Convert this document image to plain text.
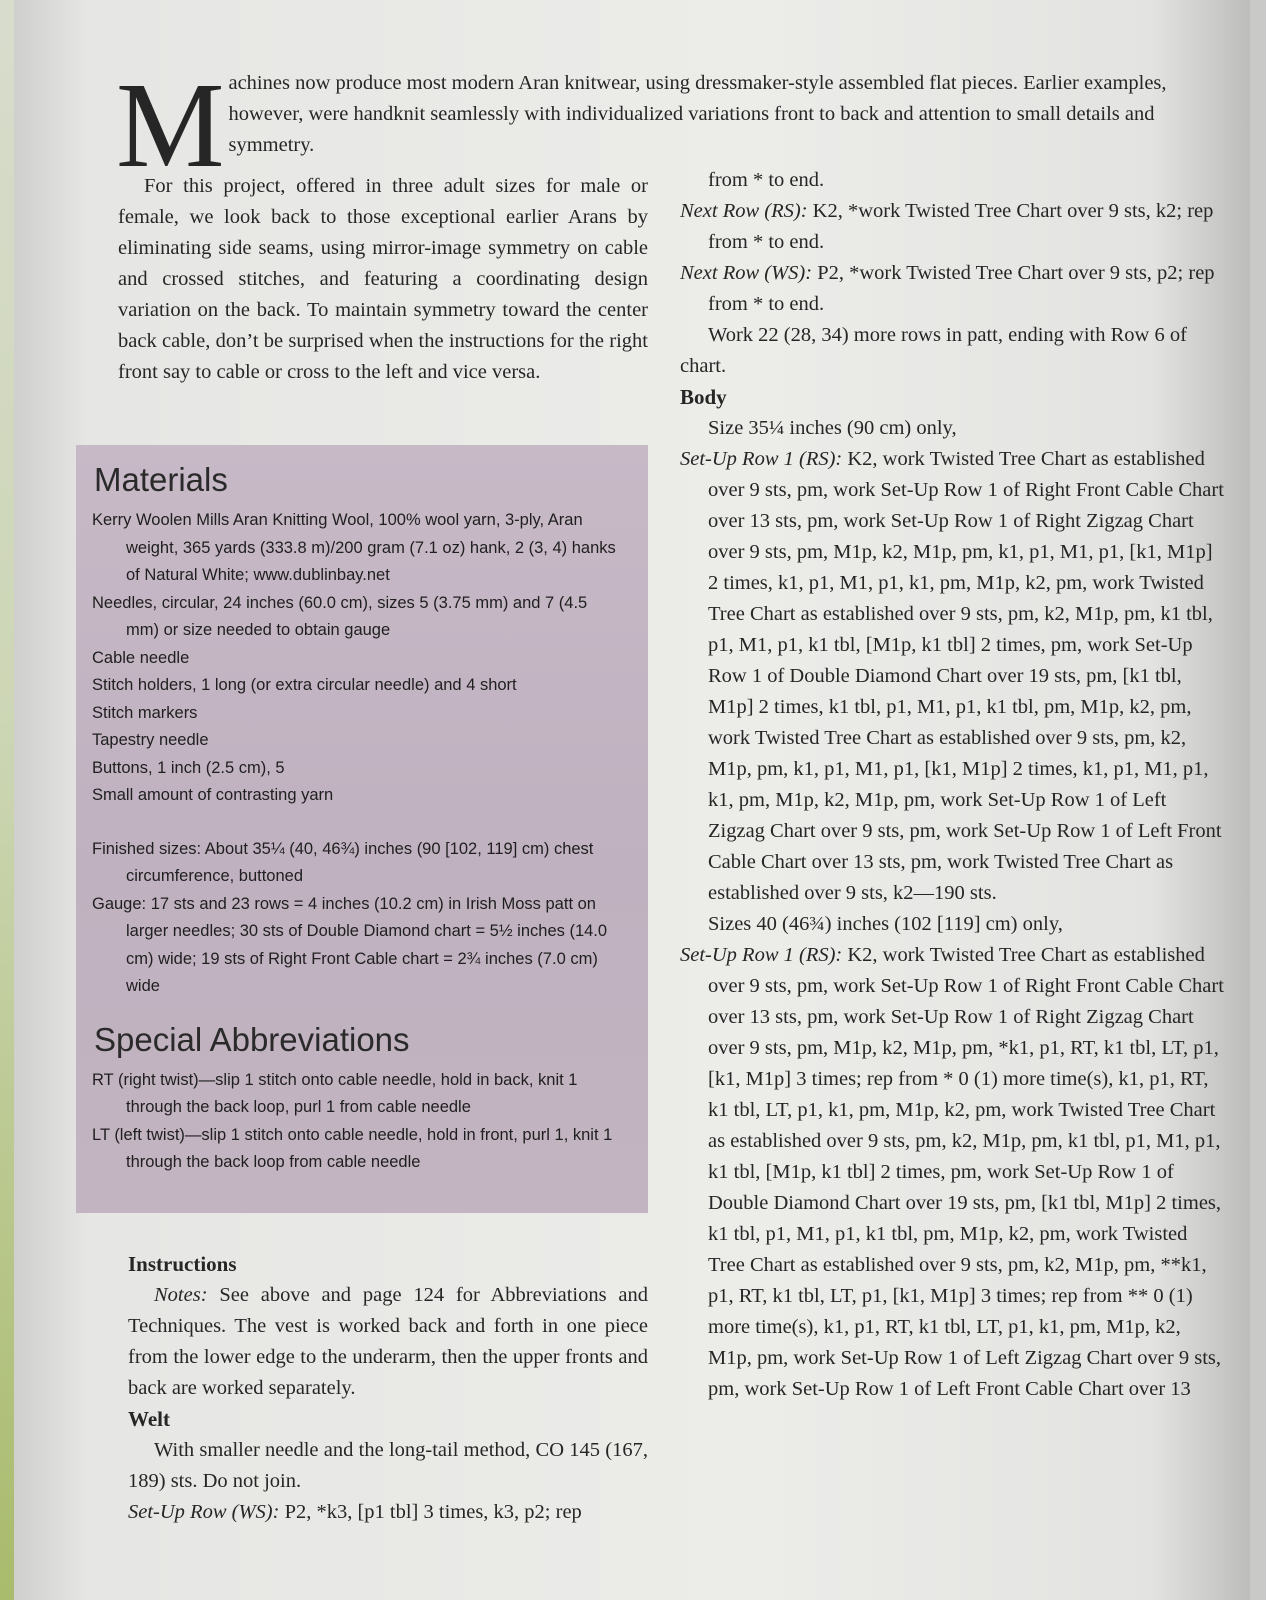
M achines now produce most modern Aran knitwear, using dressmaker-style assembled flat pieces. Earlier examples, however, were handknit seamlessly with individualized variations front to back and attention to small details and symmetry.

For this project, offered in three adult sizes for male or female, we look back to those exceptional earlier Arans by eliminating side seams, using mirror-image symmetry on cable and crossed stitches, and featuring a coordinating design variation on the back. To maintain symmetry toward the center back cable, don’t be surprised when the instructions for the right front say to cable or cross to the left and vice versa.

Materials

Kerry Woolen Mills Aran Knitting Wool, 100% wool yarn, 3-ply, Aran weight, 365 yards (333.8 m)/200 gram (7.1 oz) hank, 2 (3, 4) hanks of Natural White; www.dublinbay.net

Needles, circular, 24 inches (60.0 cm), sizes 5 (3.75 mm) and 7 (4.5 mm) or size needed to obtain gauge

Cable needle

Stitch holders, 1 long (or extra circular needle) and 4 short

Stitch markers

Tapestry needle

Buttons, 1 inch (2.5 cm), 5

Small amount of contrasting yarn

Finished sizes: About 35¼ (40, 46¾) inches (90 [102, 119] cm) chest circumference, buttoned

Gauge: 17 sts and 23 rows = 4 inches (10.2 cm) in Irish Moss patt on larger needles; 30 sts of Double Diamond chart = 5½ inches (14.0 cm) wide; 19 sts of Right Front Cable chart = 2¾ inches (7.0 cm) wide

Special Abbreviations

RT (right twist)—slip 1 stitch onto cable needle, hold in back, knit 1 through the back loop, purl 1 from cable needle

LT (left twist)—slip 1 stitch onto cable needle, hold in front, purl 1, knit 1 through the back loop from cable needle

Instructions

Notes: See above and page 124 for Abbreviations and Techniques. The vest is worked back and forth in one piece from the lower edge to the underarm, then the upper fronts and back are worked separately.

Welt

With smaller needle and the long-tail method, CO 145 (167, 189) sts. Do not join.

Set-Up Row (WS): P2, *k3, [p1 tbl] 3 times, k3, p2; rep

from * to end.

Next Row (RS): K2, *work Twisted Tree Chart over 9 sts, k2; rep from * to end.

Next Row (WS): P2, *work Twisted Tree Chart over 9 sts, p2; rep from * to end.

Work 22 (28, 34) more rows in patt, ending with Row 6 of chart.

Body

Size 35¼ inches (90 cm) only,

Set-Up Row 1 (RS): K2, work Twisted Tree Chart as established over 9 sts, pm, work Set-Up Row 1 of Right Front Cable Chart over 13 sts, pm, work Set-Up Row 1 of Right Zigzag Chart over 9 sts, pm, M1p, k2, M1p, pm, k1, p1, M1, p1, [k1, M1p] 2 times, k1, p1, M1, p1, k1, pm, M1p, k2, pm, work Twisted Tree Chart as established over 9 sts, pm, k2, M1p, pm, k1 tbl, p1, M1, p1, k1 tbl, [M1p, k1 tbl] 2 times, pm, work Set-Up Row 1 of Double Diamond Chart over 19 sts, pm, [k1 tbl, M1p] 2 times, k1 tbl, p1, M1, p1, k1 tbl, pm, M1p, k2, pm, work Twisted Tree Chart as established over 9 sts, pm, k2, M1p, pm, k1, p1, M1, p1, [k1, M1p] 2 times, k1, p1, M1, p1, k1, pm, M1p, k2, M1p, pm, work Set-Up Row 1 of Left Zigzag Chart over 9 sts, pm, work Set-Up Row 1 of Left Front Cable Chart over 13 sts, pm, work Twisted Tree Chart as established over 9 sts, k2—190 sts.

Sizes 40 (46¾) inches (102 [119] cm) only,

Set-Up Row 1 (RS): K2, work Twisted Tree Chart as established over 9 sts, pm, work Set-Up Row 1 of Right Front Cable Chart over 13 sts, pm, work Set-Up Row 1 of Right Zigzag Chart over 9 sts, pm, M1p, k2, M1p, pm, *k1, p1, RT, k1 tbl, LT, p1, [k1, M1p] 3 times; rep from * 0 (1) more time(s), k1, p1, RT, k1 tbl, LT, p1, k1, pm, M1p, k2, pm, work Twisted Tree Chart as established over 9 sts, pm, k2, M1p, pm, k1 tbl, p1, M1, p1, k1 tbl, [M1p, k1 tbl] 2 times, pm, work Set-Up Row 1 of Double Diamond Chart over 19 sts, pm, [k1 tbl, M1p] 2 times, k1 tbl, p1, M1, p1, k1 tbl, pm, M1p, k2, pm, work Twisted Tree Chart as established over 9 sts, pm, k2, M1p, pm, **k1, p1, RT, k1 tbl, LT, p1, [k1, M1p] 3 times; rep from ** 0 (1) more time(s), k1, p1, RT, k1 tbl, LT, p1, k1, pm, M1p, k2, M1p, pm, work Set-Up Row 1 of Left Zigzag Chart over 9 sts, pm, work Set-Up Row 1 of Left Front Cable Chart over 13
